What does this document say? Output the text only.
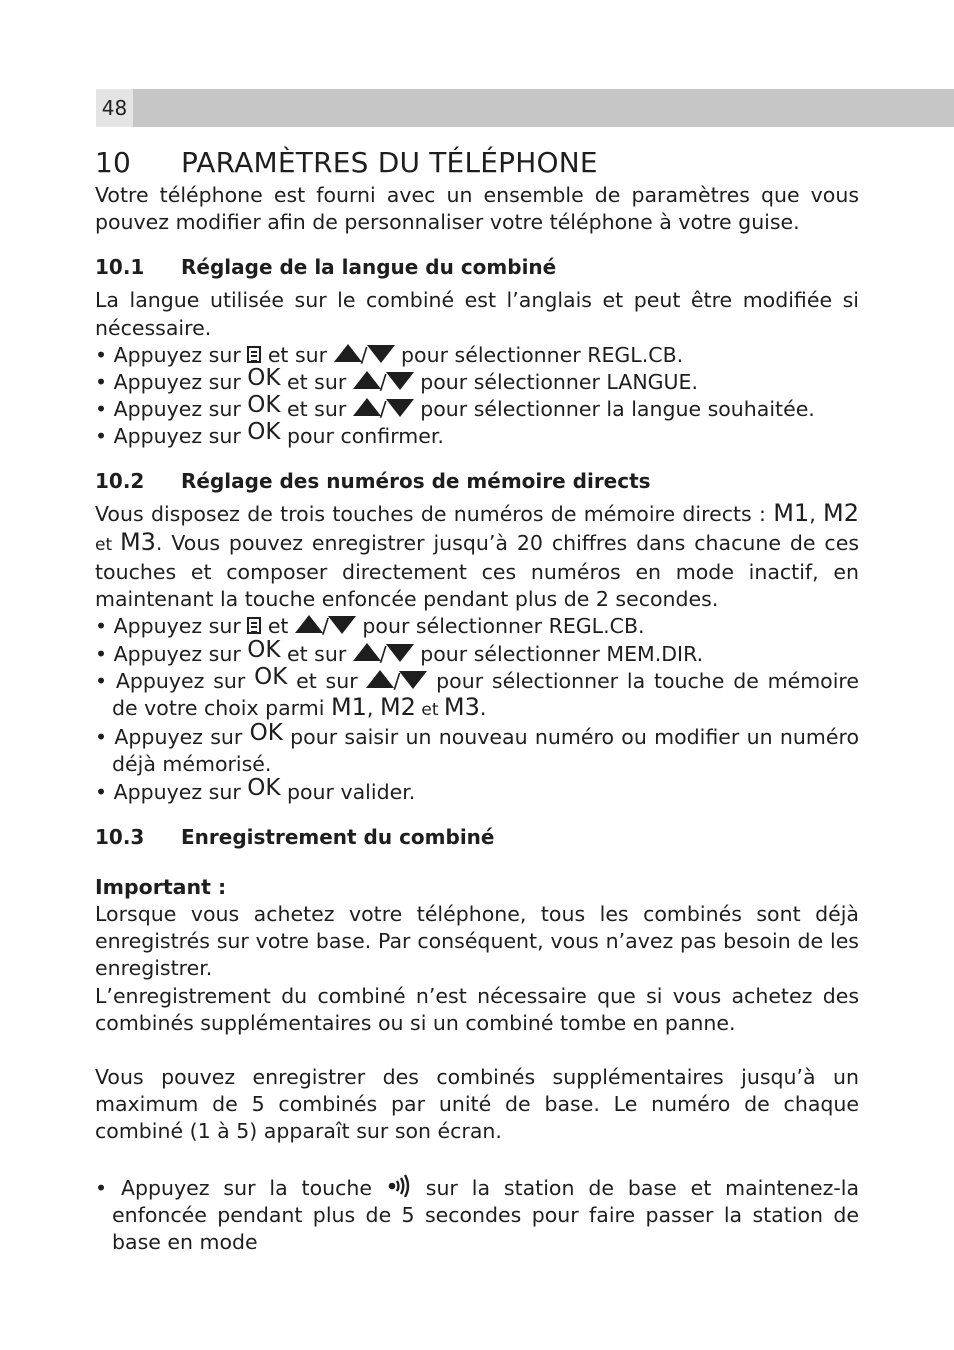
48
10 PARAMÈTRES DU TÉLÉPHONE

Votre téléphone est fourni avec un ensemble de paramètres que vous pouvez modifier afin de personnaliser votre téléphone à votre guise.

10.1 Réglage de la langue du combiné

La langue utilisée sur le combiné est l’anglais et peut être modifiée si nécessaire.

• Appuyez sur  et sur / pour sélectionner REGL.CB.
• Appuyez sur OK et sur / pour sélectionner LANGUE.
• Appuyez sur OK et sur / pour sélectionner la langue souhaitée.
• Appuyez sur OK pour confirmer.
10.2 Réglage des numéros de mémoire directs

Vous disposez de trois touches de numéros de mémoire directs : M1, M2 et M3. Vous pouvez enregistrer jusqu’à 20 chiffres dans chacune de ces touches et composer directement ces numéros en mode inactif, en maintenant la touche enfoncée pendant plus de 2 secondes.

• Appuyez sur  et / pour sélectionner REGL.CB.
• Appuyez sur OK et sur / pour sélectionner MEM.DIR.
• Appuyez sur OK et sur / pour sélectionner la touche de mémoire de votre choix parmi M1, M2 et M3.
• Appuyez sur OK pour saisir un nouveau numéro ou modifier un numéro déjà mémorisé.
• Appuyez sur OK pour valider.
10.3 Enregistrement du combiné

Important :

Lorsque vous achetez votre téléphone, tous les combinés sont déjà enregistrés sur votre base. Par conséquent, vous n’avez pas besoin de les enregistrer.

L’enregistrement du combiné n’est nécessaire que si vous achetez des combinés supplémentaires ou si un combiné tombe en panne.

Vous pouvez enregistrer des combinés supplémentaires jusqu’à un maximum de 5 combinés par unité de base. Le numéro de chaque combiné (1 à 5) apparaît sur son écran.

• Appuyez sur la touche  sur la station de base et maintenez-la enfoncée pendant plus de 5 secondes pour faire passer la station de base en mode
